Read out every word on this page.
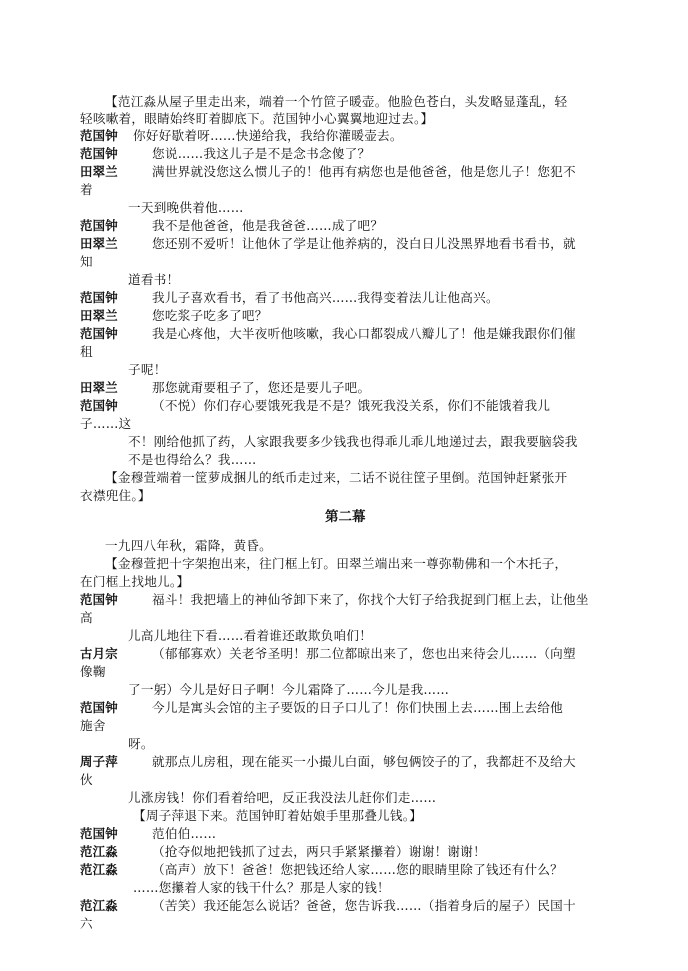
【范江淼从屋子里走出来，端着一个竹笸子暖壶。他脸色苍白，头发略显蓬乱，轻
轻咳嗽着，眼睛始终盯着脚底下。范国钟小心翼翼地迎过去。】
范国钟 你好好歇着呀……快递给我，我给你灌暖壶去。
范国钟	您说……我这儿子是不是念书念傻了？
田翠兰	满世界就没您这么惯儿子的！他再有病您也是他爸爸，他是您儿子！您犯不
着
一天到晚供着他……
范国钟	我不是他爸爸，他是我爸爸……成了吧？
田翠兰	您还别不爱听！让他休了学是让他养病的，没白日儿没黑界地看书看书，就
知
道看书！
范国钟	我儿子喜欢看书，看了书他高兴……我得变着法儿让他高兴。
田翠兰	您吃浆子吃多了吧？
范国钟	我是心疼他，大半夜听他咳嗽，我心口都裂成八瓣儿了！他是嫌我跟你们催
租
子呢！
田翠兰	那您就甭要租子了，您还是要儿子吧。
范国钟	（不悦）你们存心要饿死我是不是？饿死我没关系，你们不能饿着我儿
子……这
不！刚给他抓了药，人家跟我要多少钱我也得乖儿乖儿地递过去，跟我要脑袋我
不是也得给么？我……
【金穆萱端着一筐萝成捆儿的纸币走过来，二话不说往筐子里倒。范国钟赶紧张开
衣襟兜住。】
第二幕
一九四八年秋，霜降，黄昏。
【金穆萱把十字架抱出来，往门框上钉。田翠兰端出来一尊弥勒佛和一个木托子，
在门框上找地儿。】
范国钟	福斗！我把墙上的神仙爷卸下来了，你找个大钉子给我捉到门框上去，让他坐
高
儿高儿地往下看……看着谁还敢欺负咱们！
古月宗	（郁郁寡欢）关老爷圣明！那二位都晾出来了，您也出来待会儿……（向塑
像鞠
了一躬）今儿是好日子啊！今儿霜降了……今儿是我……
范国钟	今儿是寓头会馆的主子要饭的日子口儿了！你们快围上去……围上去给他
施舍
呀。
周子萍	就那点儿房租，现在能买一小撮儿白面，够包俩饺子的了，我都赶不及给大
伙
儿涨房钱！你们看着给吧，反正我没法儿赶你们走……
【周子萍退下来。范国钟盯着姑娘手里那叠儿钱。】
范国钟	范伯伯……
范江淼	（抢夺似地把钱抓了过去，两只手紧紧攥着）谢谢！谢谢！
范江淼	（高声）放下！爸爸！您把钱还给人家……您的眼睛里除了钱还有什么？
……您攥着人家的钱干什么？那是人家的钱！
范江淼	（苦笑）我还能怎么说话？爸爸，您告诉我……（指着身后的屋子）民国十
六
